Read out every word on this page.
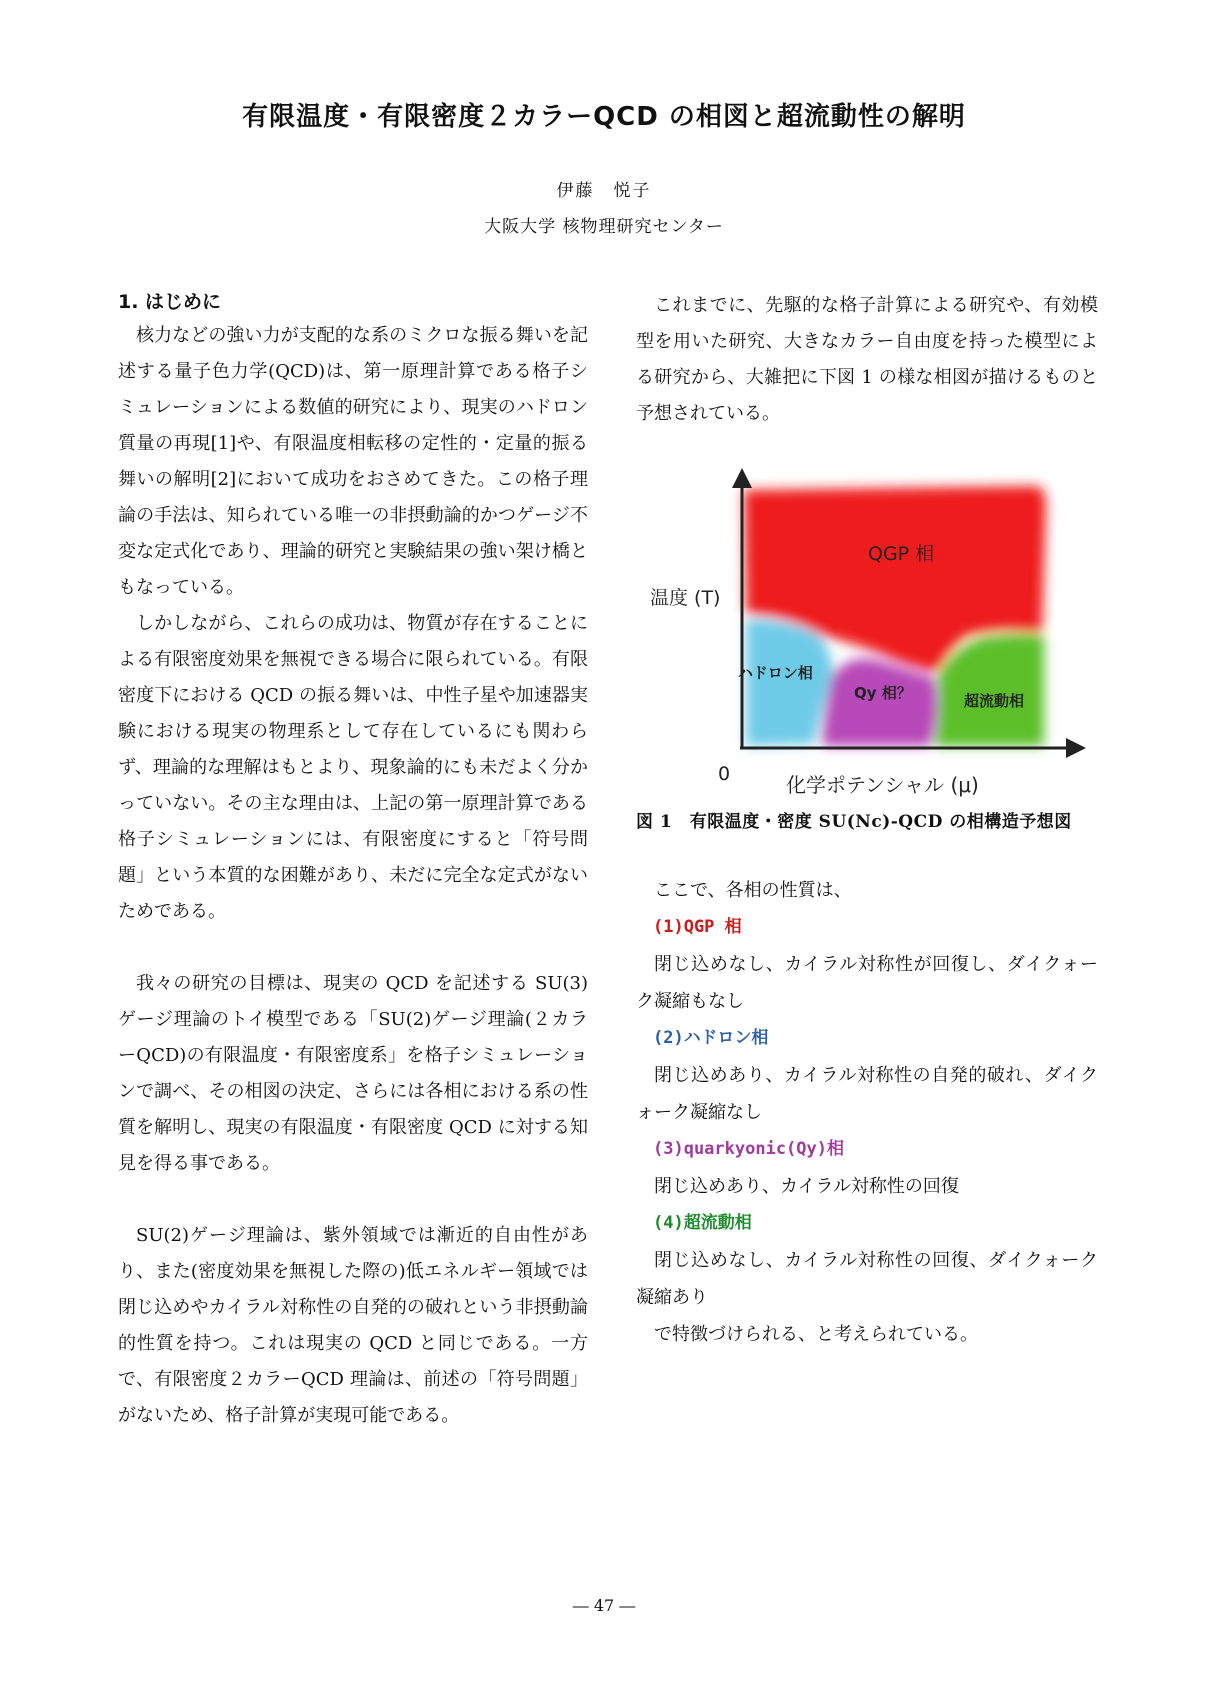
有限温度・有限密度２カラーQCD の相図と超流動性の解明
伊藤　悦子
大阪大学 核物理研究センター
1. はじめに

核力などの強い力が支配的な系のミクロな振る舞いを記述する量子色力学(QCD)は、第一原理計算である格子シミュレーションによる数値的研究により、現実のハドロン質量の再現[1]や、有限温度相転移の定性的・定量的振る舞いの解明[2]において成功をおさめてきた。この格子理論の手法は、知られている唯一の非摂動論的かつゲージ不変な定式化であり、理論的研究と実験結果の強い架け橋ともなっている。

しかしながら、これらの成功は、物質が存在することによる有限密度効果を無視できる場合に限られている。有限密度下における QCD の振る舞いは、中性子星や加速器実験における現実の物理系として存在しているにも関わらず、理論的な理解はもとより、現象論的にも未だよく分かっていない。その主な理由は、上記の第一原理計算である格子シミュレーションには、有限密度にすると「符号問題」という本質的な困難があり、未だに完全な定式がないためである。

我々の研究の目標は、現実の QCD を記述する SU(3)ゲージ理論のトイ模型である「SU(2)ゲージ理論(２カラーQCD)の有限温度・有限密度系」を格子シミュレーションで調べ、その相図の決定、さらには各相における系の性質を解明し、現実の有限温度・有限密度 QCD に対する知見を得る事である。

SU(2)ゲージ理論は、紫外領域では漸近的自由性があり、また(密度効果を無視した際の)低エネルギー領域では閉じ込めやカイラル対称性の自発的の破れという非摂動論的性質を持つ。これは現実の QCD と同じである。一方で、有限密度２カラーQCD 理論は、前述の「符号問題」がないため、格子計算が実現可能である。

これまでに、先駆的な格子計算による研究や、有効模型を用いた研究、大きなカラー自由度を持った模型による研究から、大雑把に下図 1 の様な相図が描けるものと予想されている。

温度 (T)
化学ポテンシャル (μ)
0
QGP 相
ハドロン相
Qy 相？	超流動相
図 1　有限温度・密度 SU(Nc)-QCD の相構造予想図

ここで、各相の性質は、

(1)QGP 相

閉じ込めなし、カイラル対称性が回復し、ダイクォーク凝縮もなし

(2)ハドロン相

閉じ込めあり、カイラル対称性の自発的破れ、ダイクォーク凝縮なし

(3)quarkyonic(Qy)相

閉じ込めあり、カイラル対称性の回復

(4)超流動相

閉じ込めなし、カイラル対称性の回復、ダイクォーク凝縮あり

で特徴づけられる、と考えられている。

― 47 ―
